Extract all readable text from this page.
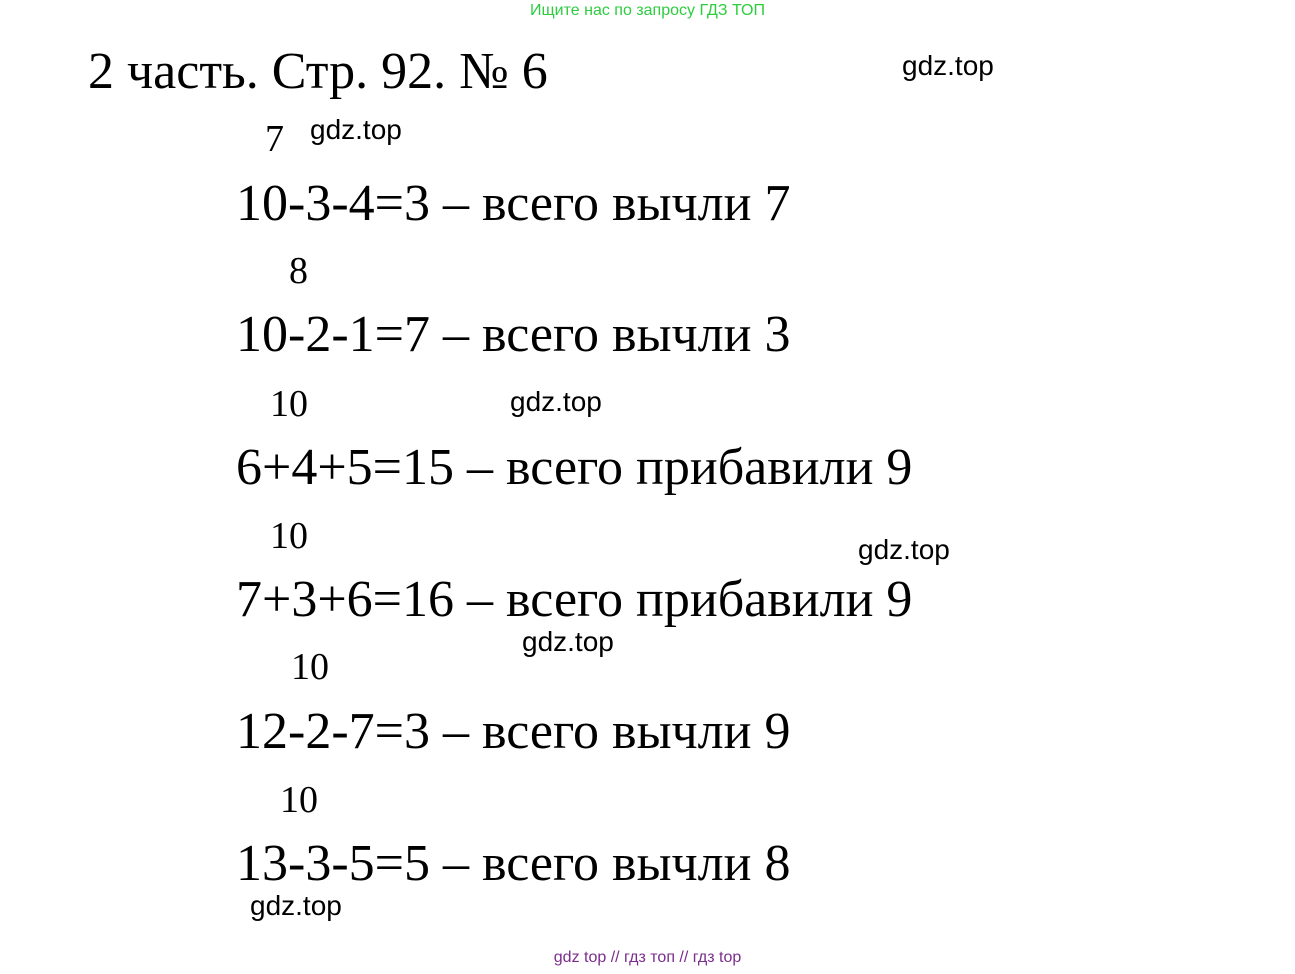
Ищите нас по запросу ГДЗ ТОП
2 часть. Стр. 92. № 6	gdz.top
gdz.top
gdz.top
gdz.top
gdz.top
gdz.top
7
10-3-4=3 – всего вычли 7
8
10-2-1=7 – всего вычли 3
10
6+4+5=15 – всего прибавили 9
10
7+3+6=16 – всего прибавили 9
10
12-2-7=3 – всего вычли 9
10
13-3-5=5 – всего вычли 8
gdz top // гдз топ // гдз top
